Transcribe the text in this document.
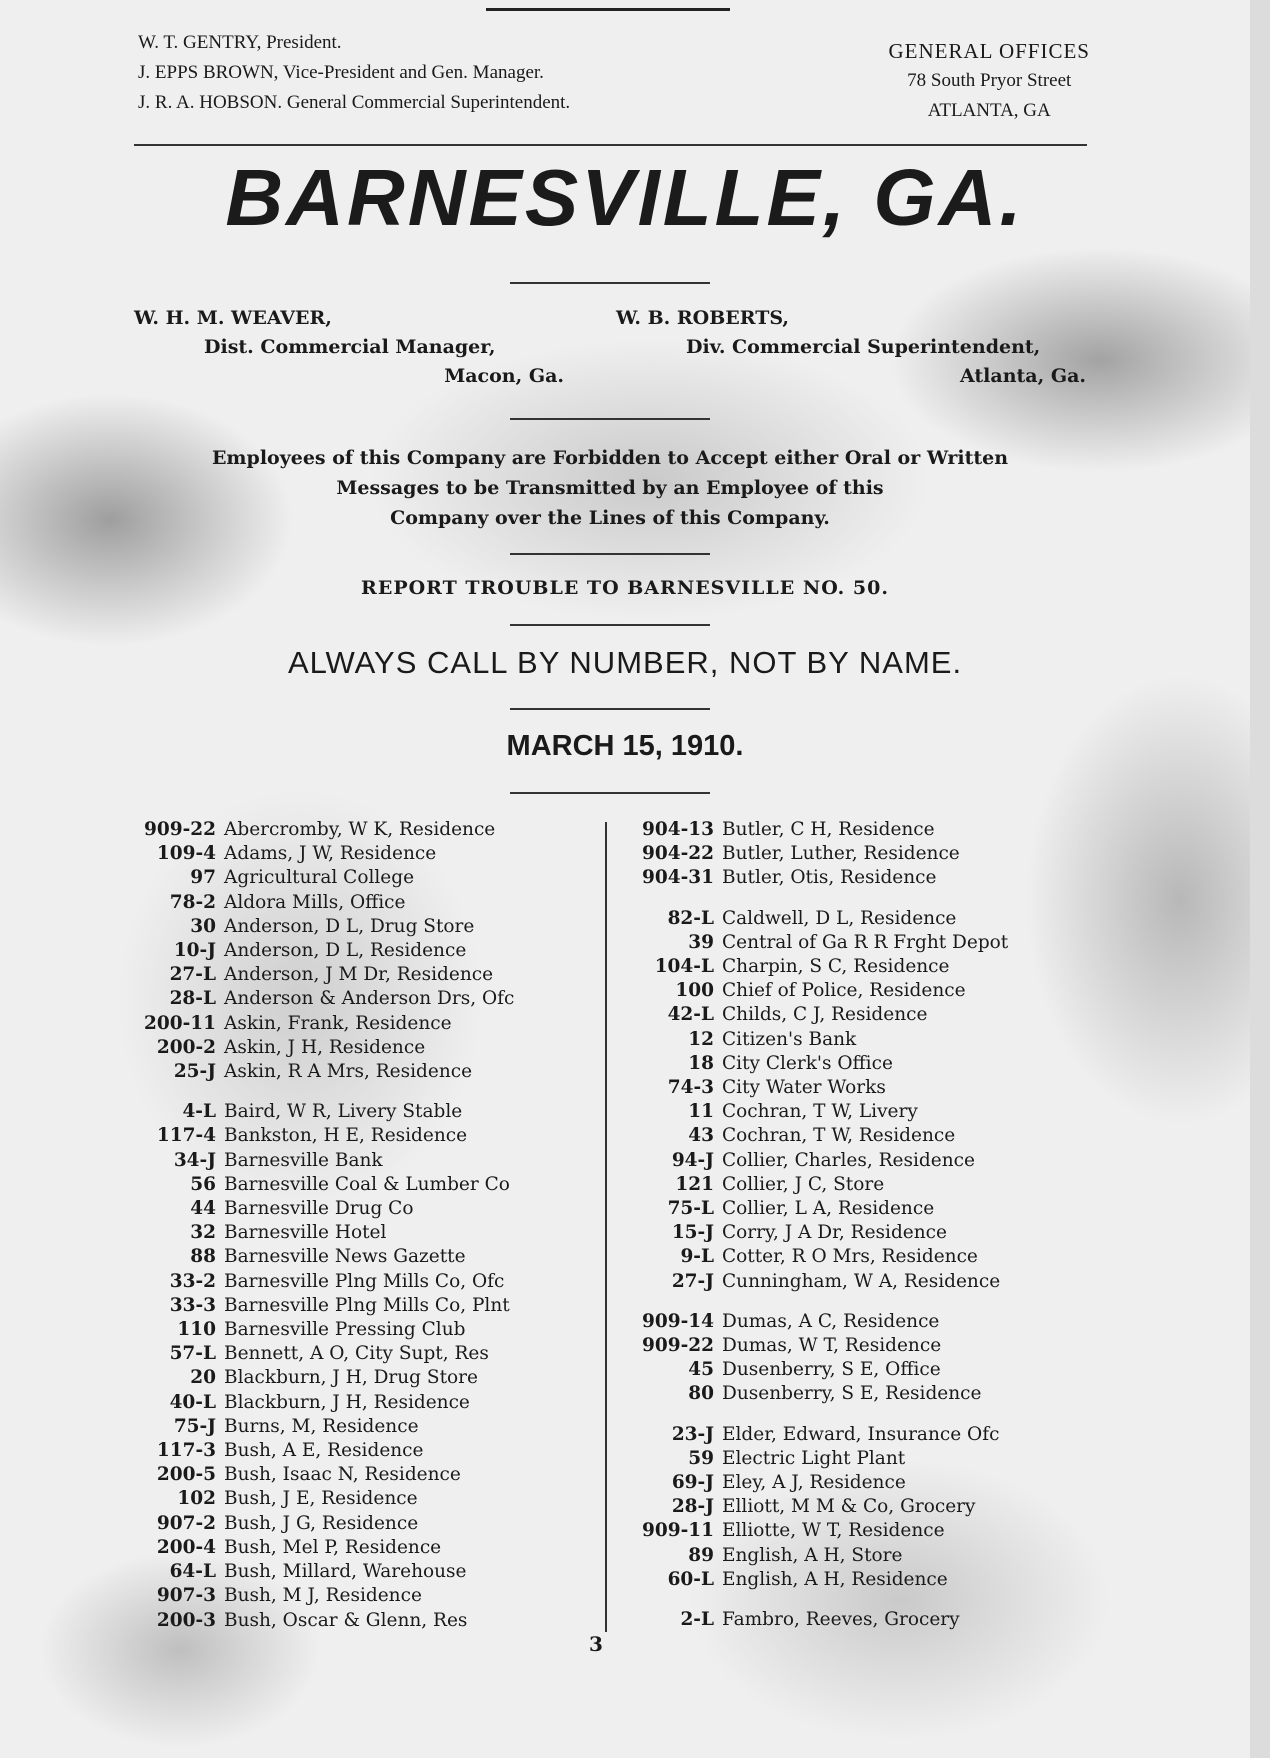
W. T. GENTRY, President.
J. EPPS BROWN, Vice-President and Gen. Manager.
J. R. A. HOBSON. General Commercial Superintendent.
GENERAL OFFICES
78 South Pryor Street
ATLANTA, GA
BARNESVILLE, GA.
W. H. M. WEAVER,
Dist. Commercial Manager,
Macon, Ga.
W. B. ROBERTS,
Div. Commercial Superintendent,
Atlanta, Ga.
Employees of this Company are Forbidden to Accept either Oral or Written
Messages to be Transmitted by an Employee of this
Company over the Lines of this Company.
REPORT TROUBLE TO BARNESVILLE NO. 50.
ALWAYS CALL BY NUMBER, NOT BY NAME.
MARCH 15, 1910.
909-22 Abercromby, W K, Residence
109-4 Adams, J W, Residence
97 Agricultural College
78-2 Aldora Mills, Office
30 Anderson, D L, Drug Store
10-J Anderson, D L, Residence
27-L Anderson, J M Dr, Residence
28-L Anderson & Anderson Drs, Ofc
200-11 Askin, Frank, Residence
200-2 Askin, J H, Residence
25-J Askin, R A Mrs, Residence
4-L Baird, W R, Livery Stable
117-4 Bankston, H E, Residence
34-J Barnesville Bank
56 Barnesville Coal & Lumber Co
44 Barnesville Drug Co
32 Barnesville Hotel
88 Barnesville News Gazette
33-2 Barnesville Plng Mills Co, Ofc
33-3 Barnesville Plng Mills Co, Plnt
110 Barnesville Pressing Club
57-L Bennett, A O, City Supt, Res
20 Blackburn, J H, Drug Store
40-L Blackburn, J H, Residence
75-J Burns, M, Residence
117-3 Bush, A E, Residence
200-5 Bush, Isaac N, Residence
102 Bush, J E, Residence
907-2 Bush, J G, Residence
200-4 Bush, Mel P, Residence
64-L Bush, Millard, Warehouse
907-3 Bush, M J, Residence
200-3 Bush, Oscar & Glenn, Res
904-13 Butler, C H, Residence
904-22 Butler, Luther, Residence
904-31 Butler, Otis, Residence
82-L Caldwell, D L, Residence
39 Central of Ga R R Frght Depot
104-L Charpin, S C, Residence
100 Chief of Police, Residence
42-L Childs, C J, Residence
12 Citizen's Bank
18 City Clerk's Office
74-3 City Water Works
11 Cochran, T W, Livery
43 Cochran, T W, Residence
94-J Collier, Charles, Residence
121 Collier, J C, Store
75-L Collier, L A, Residence
15-J Corry, J A Dr, Residence
9-L Cotter, R O Mrs, Residence
27-J Cunningham, W A, Residence
909-14 Dumas, A C, Residence
909-22 Dumas, W T, Residence
45 Dusenberry, S E, Office
80 Dusenberry, S E, Residence
23-J Elder, Edward, Insurance Ofc
59 Electric Light Plant
69-J Eley, A J, Residence
28-J Elliott, M M & Co, Grocery
909-11 Elliotte, W T, Residence
89 English, A H, Store
60-L English, A H, Residence
2-L Fambro, Reeves, Grocery
3
